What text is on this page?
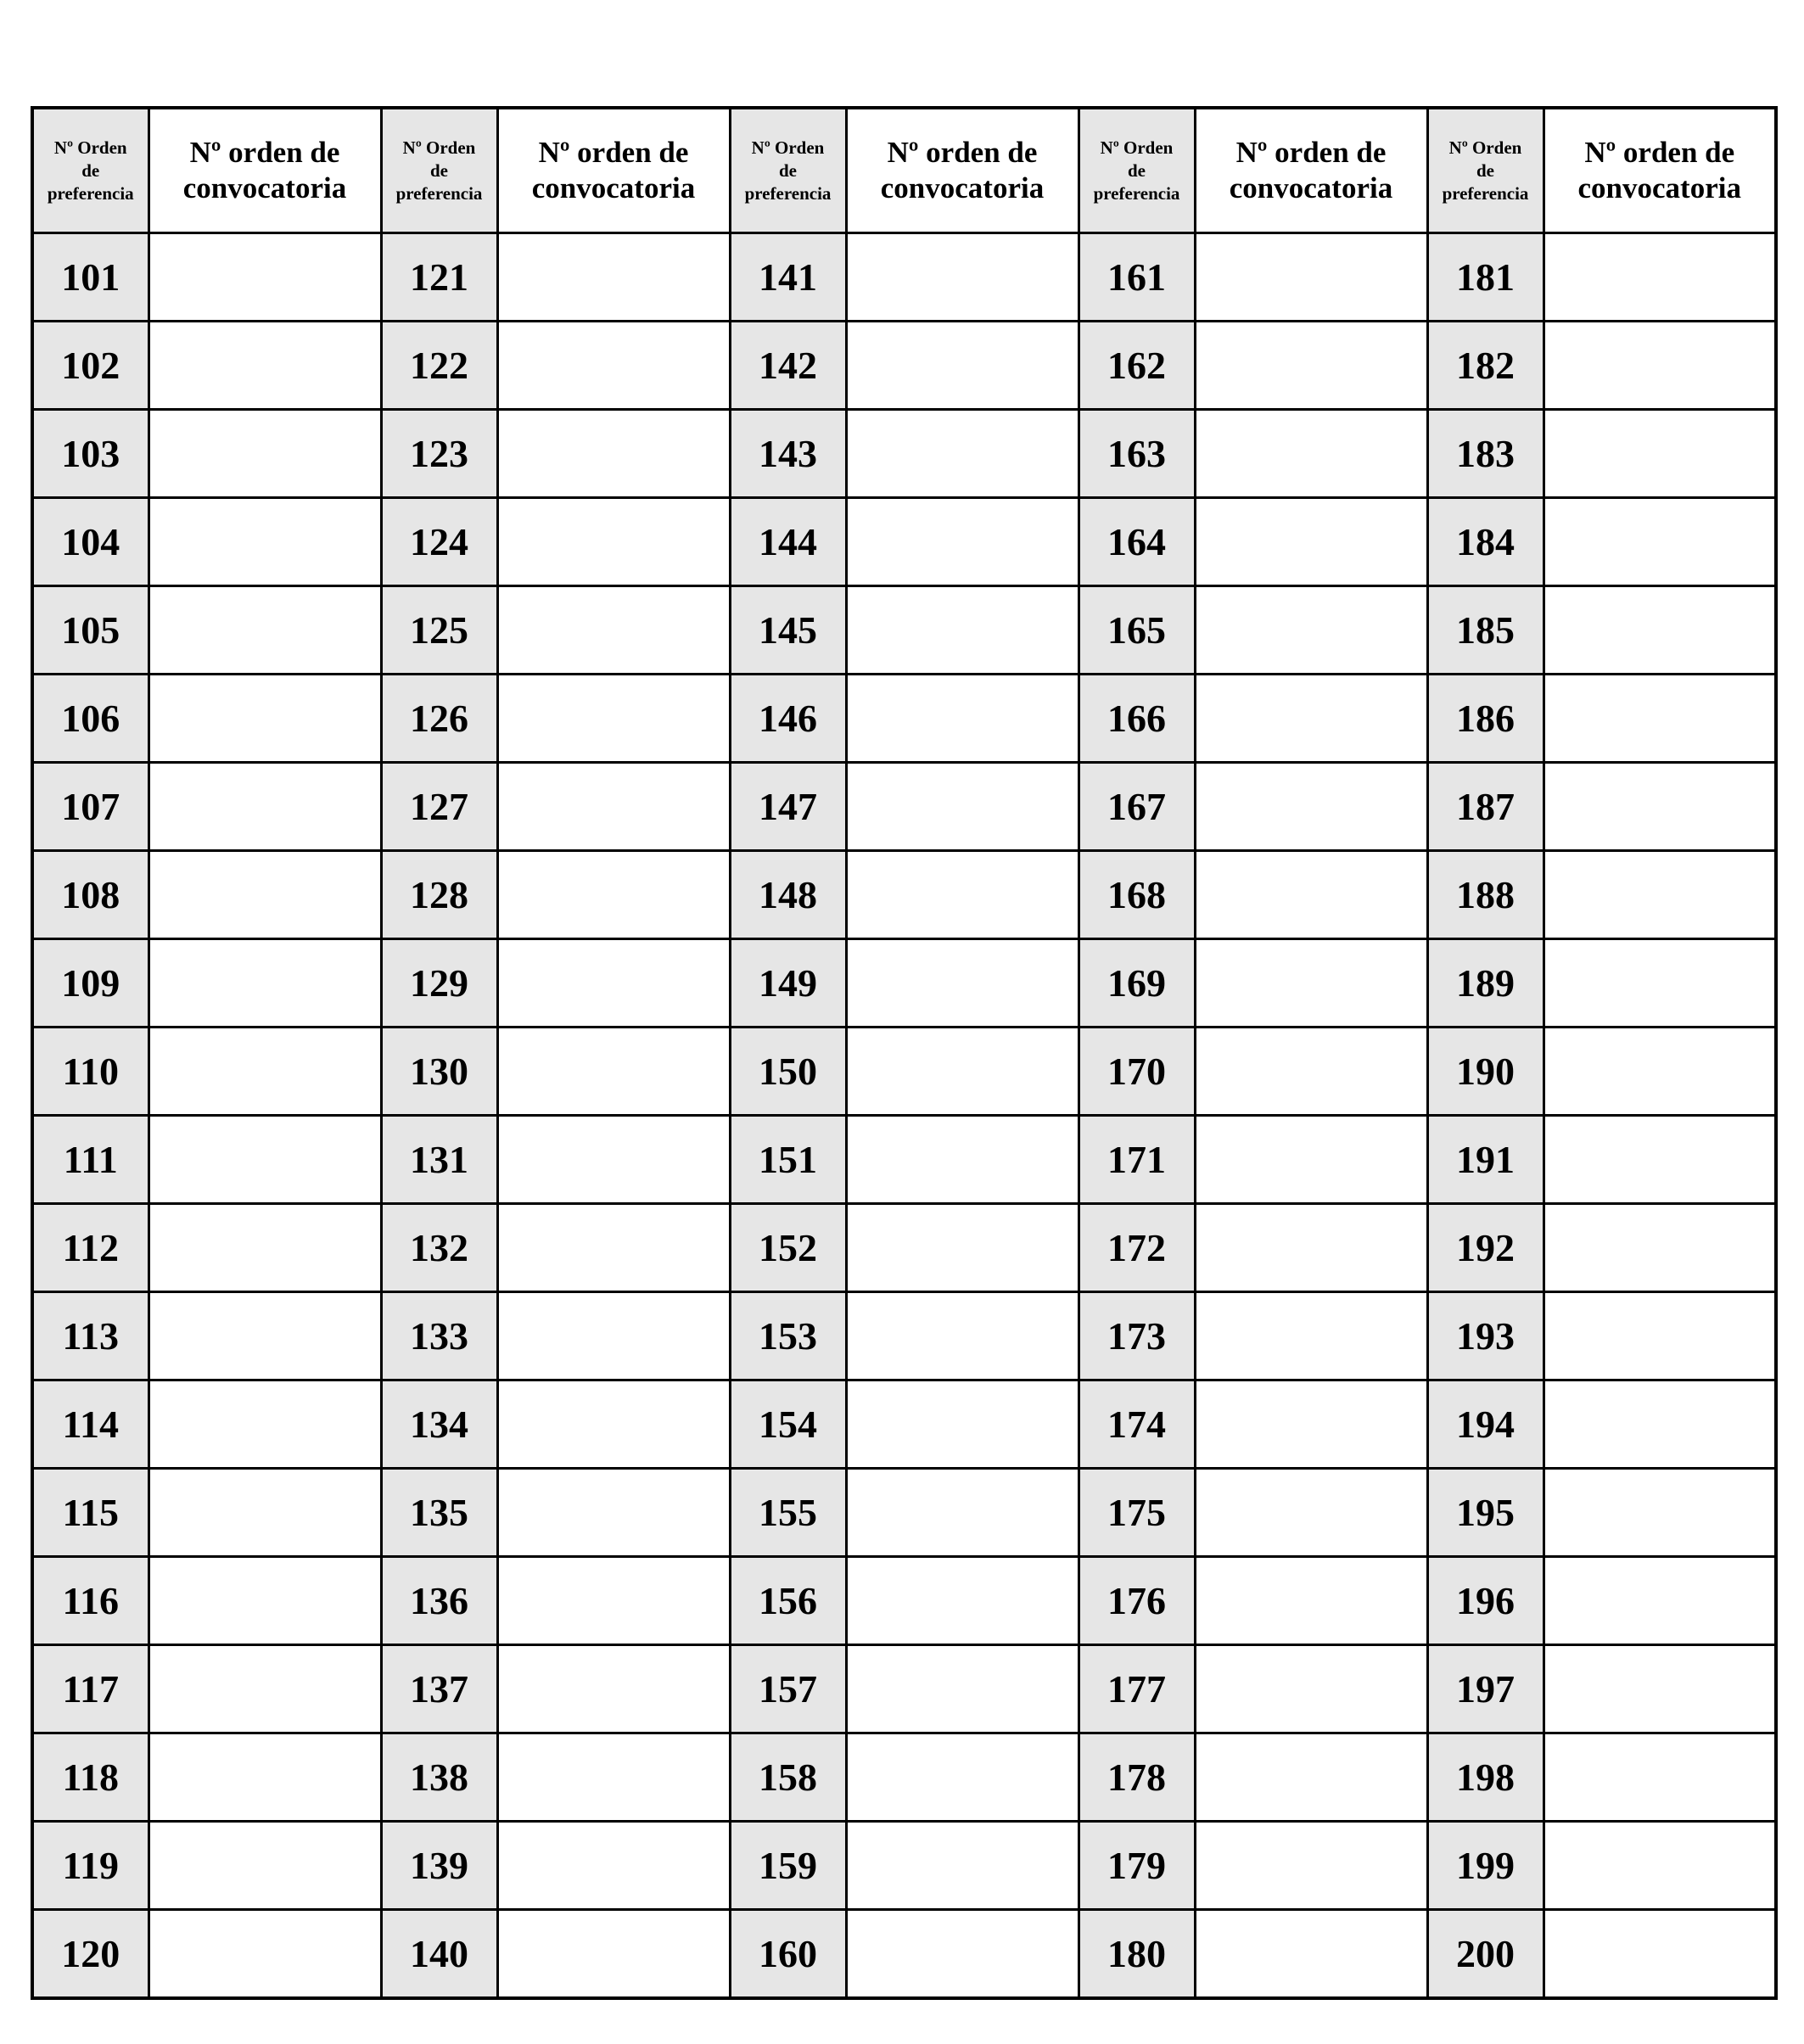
Nº Orden
de
preferencia	Nº orden de
convocatoria	Nº Orden
de
preferencia	Nº orden de
convocatoria	Nº Orden
de
preferencia	Nº orden de
convocatoria	Nº Orden
de
preferencia	Nº orden de
convocatoria	Nº Orden
de
preferencia	Nº orden de
convocatoria

101		121		141		161		181	
102		122		142		162		182	
103		123		143		163		183	
104		124		144		164		184	
105		125		145		165		185	
106		126		146		166		186	
107		127		147		167		187	
108		128		148		168		188	
109		129		149		169		189	
110		130		150		170		190	
111		131		151		171		191	
112		132		152		172		192	
113		133		153		173		193	
114		134		154		174		194	
115		135		155		175		195	
116		136		156		176		196	
117		137		157		177		197	
118		138		158		178		198	
119		139		159		179		199	
120		140		160		180		200	
